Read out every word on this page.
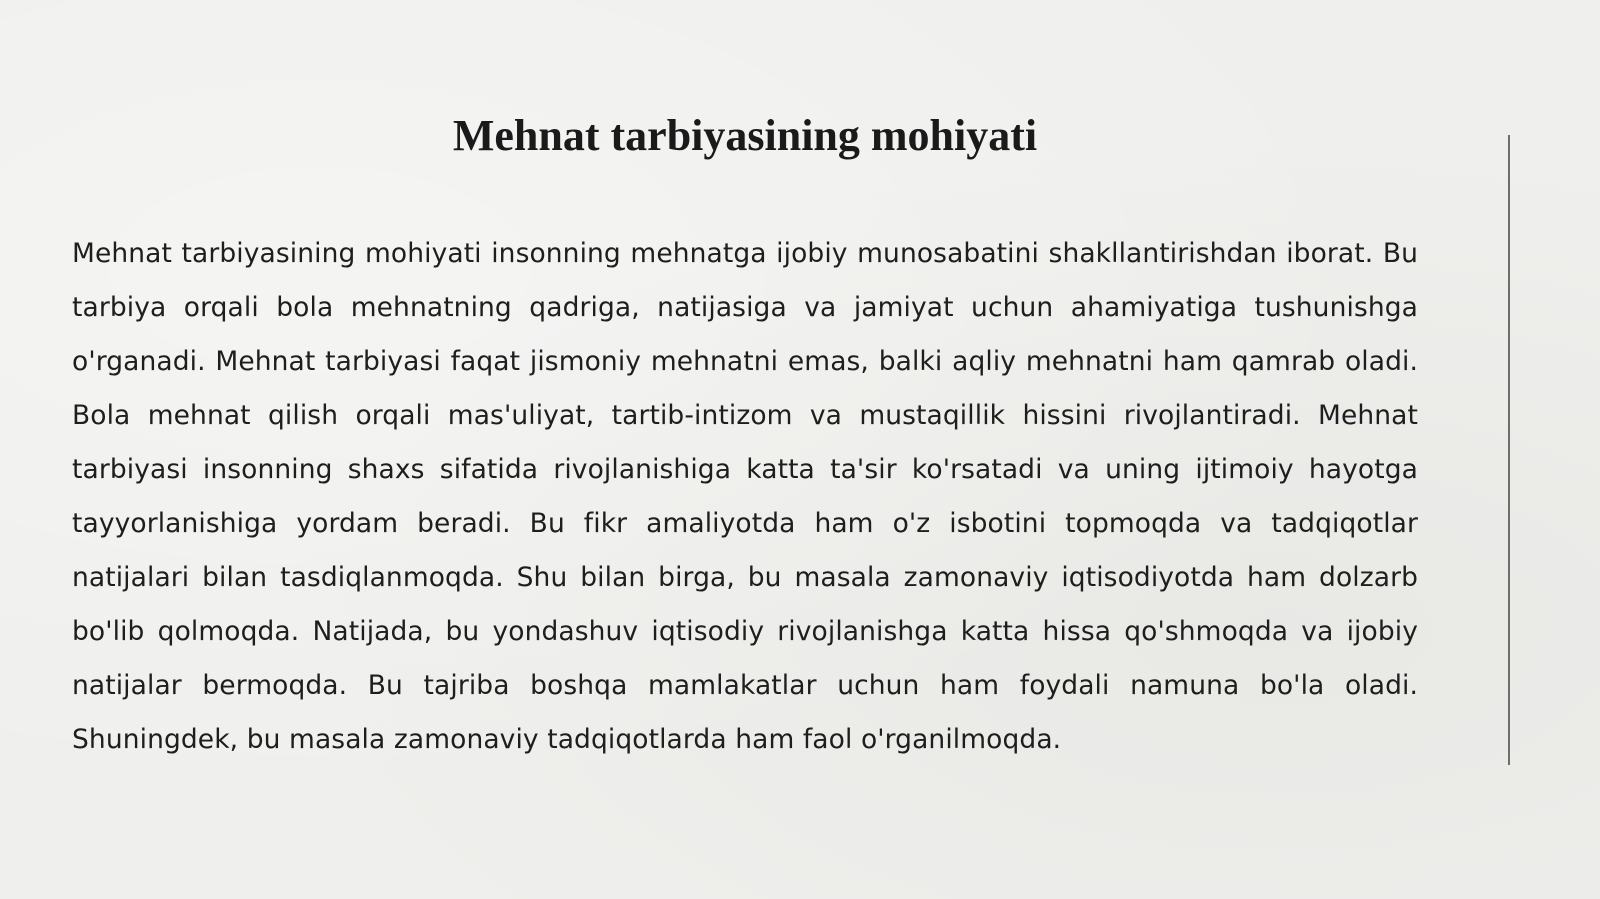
Mehnat tarbiyasining mohiyati

Mehnat tarbiyasining mohiyati insonning mehnatga ijobiy munosabatini shakllantirishdan iborat. Bu tarbiya orqali bola mehnatning qadriga, natijasiga va jamiyat uchun ahamiyatiga tushunishga o'rganadi. Mehnat tarbiyasi faqat jismoniy mehnatni emas, balki aqliy mehnatni ham qamrab oladi. Bola mehnat qilish orqali mas'uliyat, tartib-intizom va mustaqillik hissini rivojlantiradi. Mehnat tarbiyasi insonning shaxs sifatida rivojlanishiga katta ta'sir ko'rsatadi va uning ijtimoiy hayotga tayyorlanishiga yordam beradi. Bu fikr amaliyotda ham o'z isbotini topmoqda va tadqiqotlar natijalari bilan tasdiqlanmoqda. Shu bilan birga, bu masala zamonaviy iqtisodiyotda ham dolzarb bo'lib qolmoqda. Natijada, bu yondashuv iqtisodiy rivojlanishga katta hissa qo'shmoqda va ijobiy natijalar bermoqda. Bu tajriba boshqa mamlakatlar uchun ham foydali namuna bo'la oladi. Shuningdek, bu masala zamonaviy tadqiqotlarda ham faol o'rganilmoqda.
